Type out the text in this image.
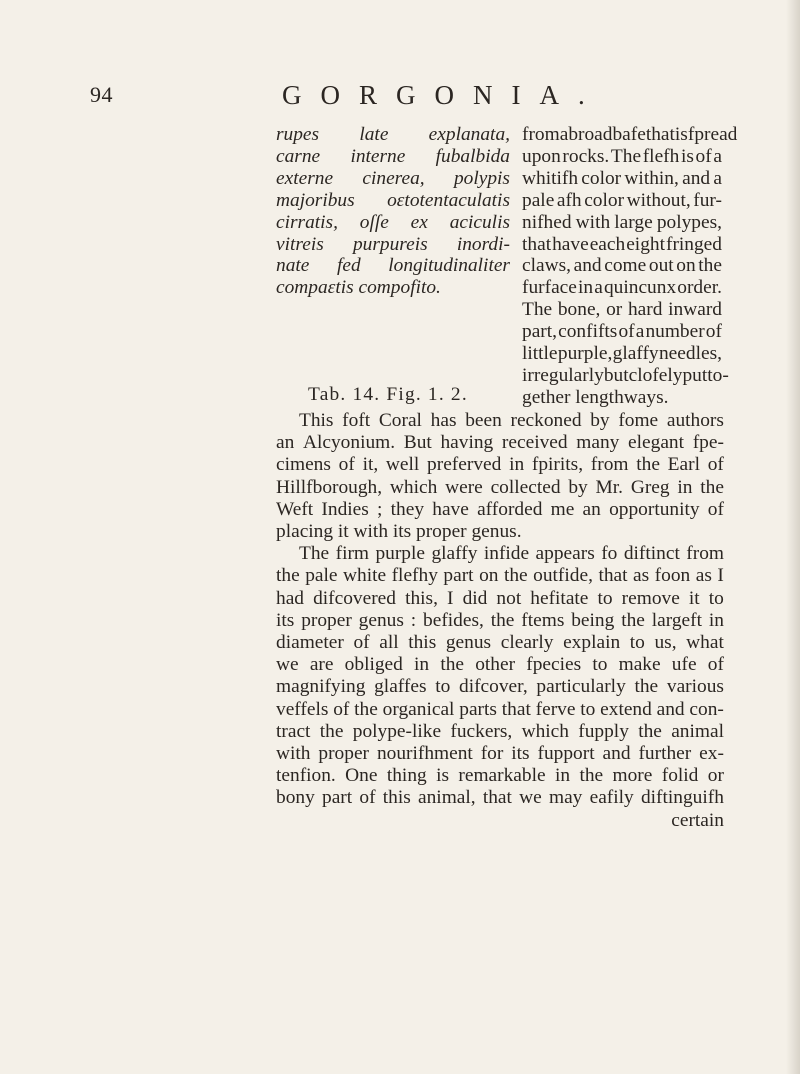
94	GORGONIA.
rupes late explanata,
carne interne fubalbida
externe cinerea, polypis
majoribus oɛtotentaculatis
cirratis, oſſe ex aciculis
vitreis purpureis inordi-
nate fed longitudinaliter
compaɛtis compofito.
from a broad bafe that is fpread
upon rocks. The flefh is of a
whitifh color within, and a
pale afh color without, fur-
nifhed with large polypes,
that have each eight fringed
claws, and come out on the
furface in a quincunx order.
The bone, or hard inward
part, confifts of a number of
little purple, glaffy needles,
irregularly but clofely put to-
gether lengthways.
Tab. 14. Fig. 1. 2.
This foft Coral has been reckoned by fome authors
an Alcyonium. But having received many elegant fpe-
cimens of it, well preferved in fpirits, from the Earl of
Hillfborough, which were collected by Mr. Greg in the
Weft Indies ; they have afforded me an opportunity of
placing it with its proper genus.
The firm purple glaffy infide appears fo diftinct from
the pale white flefhy part on the outfide, that as foon as I
had difcovered this, I did not hefitate to remove it to
its proper genus : befides, the ftems being the largeft in
diameter of all this genus clearly explain to us, what
we are obliged in the other fpecies to make ufe of
magnifying glaffes to difcover, particularly the various
veffels of the organical parts that ferve to extend and con-
tract the polype-like fuckers, which fupply the animal
with proper nourifhment for its fupport and further ex-
tenfion. One thing is remarkable in the more folid or
bony part of this animal, that we may eafily diftinguifh
certain
